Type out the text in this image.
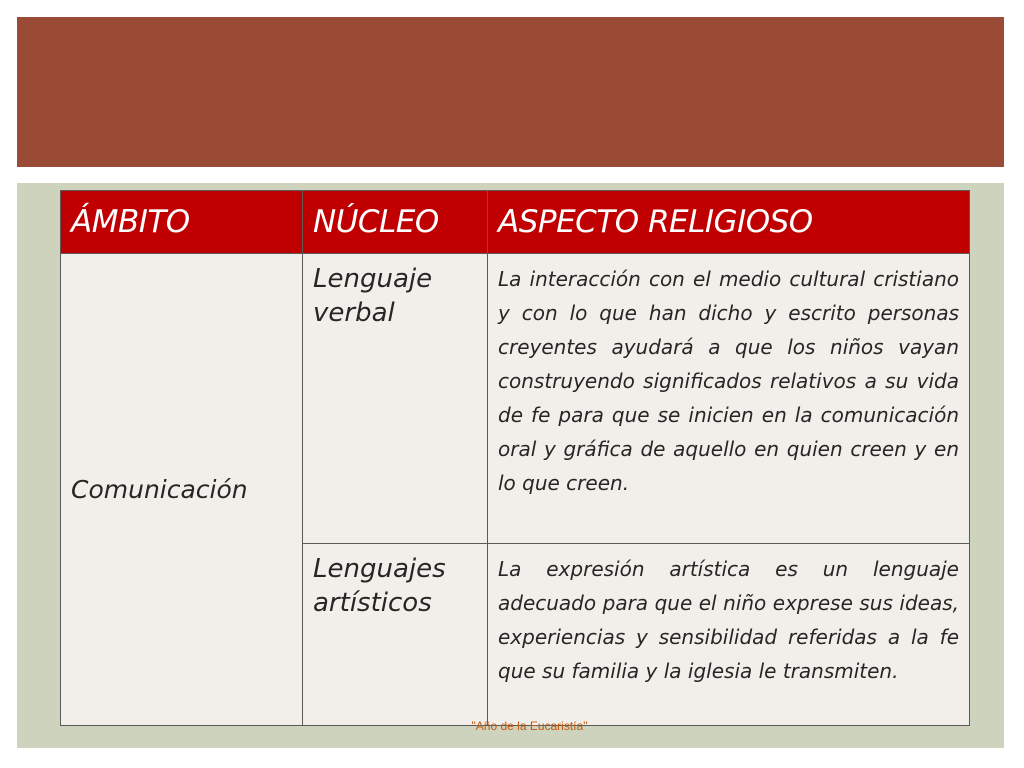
ÁMBITO	NÚCLEO	ASPECTO RELIGIOSO
Comunicación	Lenguaje verbal	La interacción con el medio cultural cristiano y con lo que han dicho y escrito personas creyentes ayudará a que los niños vayan construyendo significados relativos a su vida de fe para que se inicien en la comunicación oral y gráfica de aquello en quien creen y en lo que creen.
	Lenguajes artísticos	La expresión artística es un lenguaje adecuado para que el niño exprese sus ideas, experiencias y sensibilidad referidas a la fe que su familia y la iglesia le transmiten.
"Año de la Eucaristía"
